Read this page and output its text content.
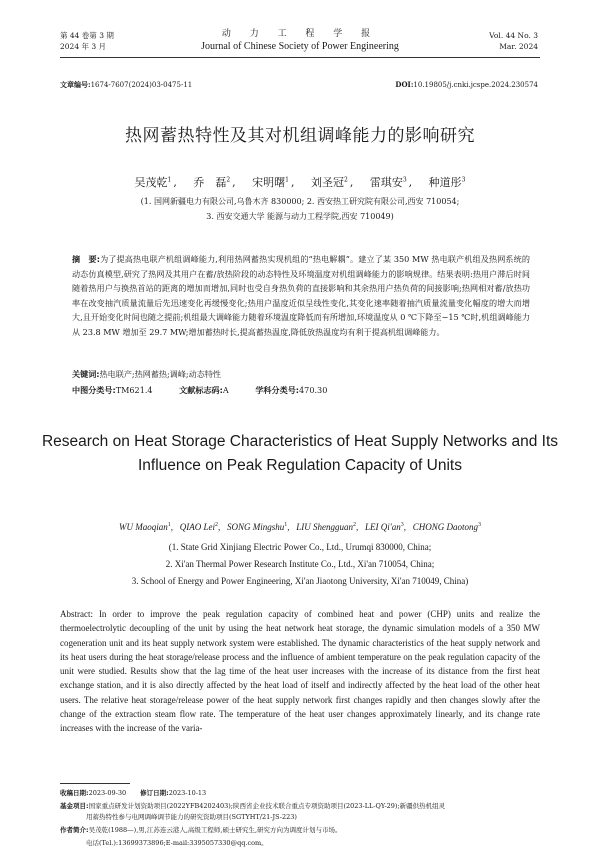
第 44 卷第 3 期
2024 年 3 月
动 力 工 程 学 报
Journal of Chinese Society of Power Engineering
Vol. 44 No. 3
Mar. 2024
文章编号:1674-7607(2024)03-0475-11	DOI:10.19805/j.cnki.jcspe.2024.230574
热网蓄热特性及其对机组调峰能力的影响研究
吴茂乾$^1$ ,　 乔　磊$^2$ ,　 宋明曙$^1$ ,　 刘圣冠$^2$ ,　 雷琪安$^3$ ,　 种道彤$^3$
(1. 国网新疆电力有限公司,乌鲁木齐 830000; 2. 西安热工研究院有限公司,西安 710054;
3. 西安交通大学 能源与动力工程学院,西安 710049)
摘　要:为了提高热电联产机组调峰能力,利用热网蓄热实现机组的“热电解耦”。建立了某 350 MW 热电联产机组及热网系统的动态仿真模型,研究了热网及其用户在蓄/放热阶段的动态特性及环境温度对机组调峰能力的影响规律。结果表明:热用户滞后时间随着热用户与换热首站的距离的增加而增加,同时也受自身热负荷的直接影响和其余热用户热负荷的间接影响;热网相对蓄/放热功率在改变抽汽质量流量后先迅速变化再缓慢变化;热用户温度近似呈线性变化,其变化速率随着抽汽质量流量变化幅度的增大而增大,且开始变化时间也随之提前;机组最大调峰能力随着环境温度降低而有所增加,环境温度从 0 ℃下降至−15 ℃时,机组调峰能力从 23.8 MW 增加至 29.7 MW;增加蓄热时长,提高蓄热温度,降低放热温度均有利于提高机组调峰能力。
关键词:热电联产;热网蓄热;调峰;动态特性
中图分类号:TM621.4	文献标志码:A	学科分类号:470.30
Research on Heat Storage Characteristics of Heat Supply Networks and Its Influence on Peak Regulation Capacity of Units
WU Maoqian$^1$,   QIAO Lei$^2$,   SONG Mingshu$^1$,   LIU Shengguan$^2$,   LEI $Qi'an^3$,   CHONG Daotong$^3$
(1. State Grid Xinjiang Electric Power Co., Ltd., Urumqi 830000, China;
2. Xi'an Thermal Power Research Institute Co., Ltd., Xi'an 710054, China;
3. School of Energy and Power Engineering, Xi'an Jiaotong University, Xi'an 710049, China)
Abstract: In order to improve the peak regulation capacity of combined heat and power (CHP) units and realize the thermoelectrolytic decoupling of the unit by using the heat network heat storage, the dynamic simulation models of a 350 MW cogeneration unit and its heat supply network system were established. The dynamic characteristics of the heat supply network and its heat users during the heat storage/release process and the influence of ambient temperature on the peak regulation capacity of the unit were studied. Results show that the lag time of the heat user increases with the increase of its distance from the first heat exchange station, and it is also directly affected by the heat load of itself and indirectly affected by the heat load of the other heat users. The relative heat storage/release power of the heat supply network first changes rapidly and then changes slowly after the change of the extraction steam flow rate. The temperature of the heat user changes approximately linearly, and its change rate increases with the increase of the varia-
收稿日期:2023-09-30 修订日期:2023-10-13
基金项目:国家重点研发计划资助项目(2022YFB4202403);陕西省企业技术联合重点专项资助项目(2023-LL-QY-29);新疆供热机组灵
用蓄热特性参与电网调峰调节能力的研究资助项目(SGTYHT/21-JS-223)
作者简介:吴茂乾(1988—),男,江苏连云港人,高级工程师,硕士研究生,研究方向为调度计划与市场。
电话(Tel.):13699373896;E-mail:3395057330@qq.com。
